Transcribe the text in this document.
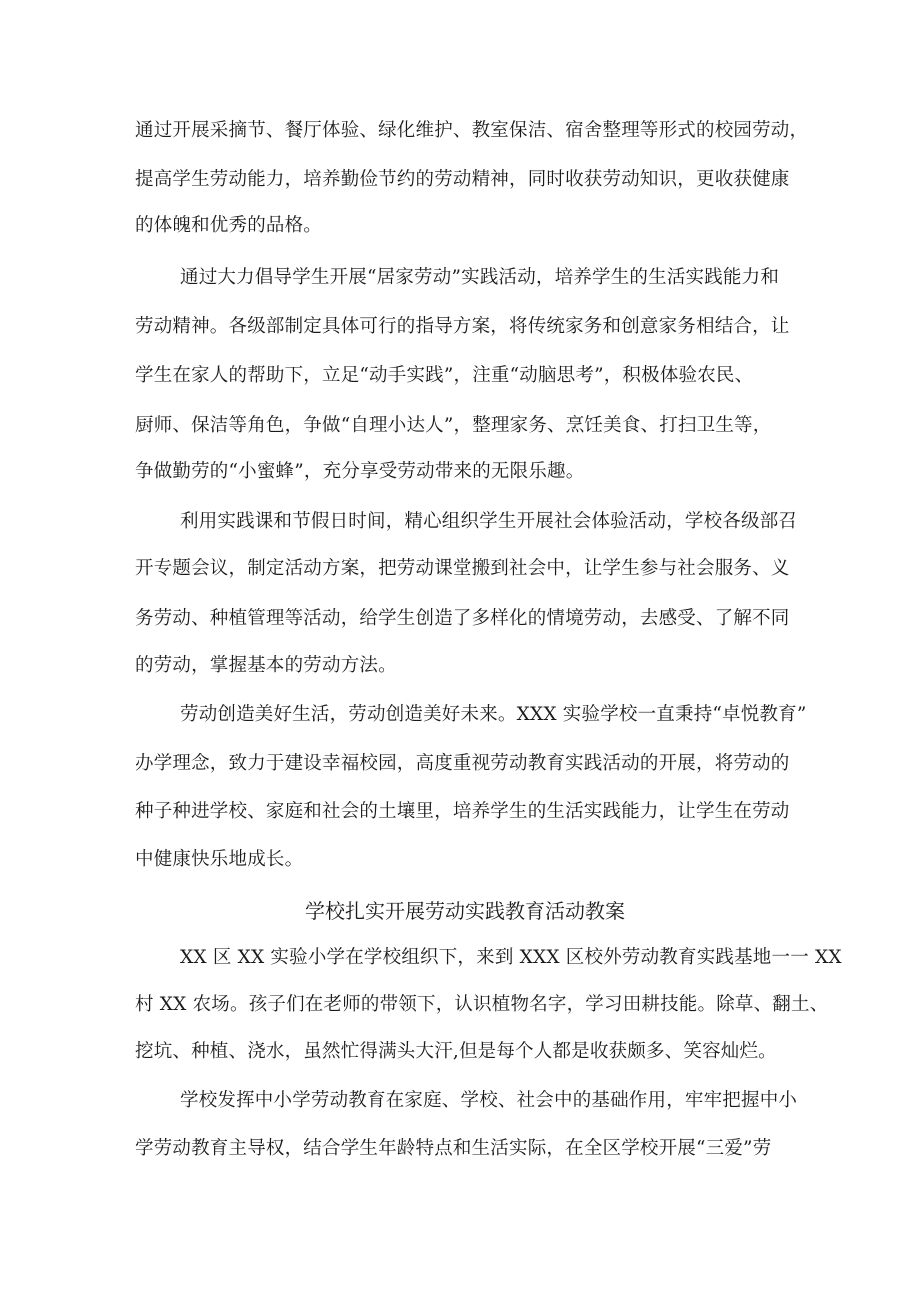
通过开展采摘节、餐厅体验、绿化维护、教室保洁、宿舍整理等形式的校园劳动，
提高学生劳动能力，培养勤俭节约的劳动精神，同时收获劳动知识，更收获健康
的体魄和优秀的品格。
通过大力倡导学生开展“居家劳动”实践活动，培养学生的生活实践能力和
劳动精神。各级部制定具体可行的指导方案，将传统家务和创意家务相结合，让
学生在家人的帮助下，立足“动手实践”，注重“动脑思考”，积极体验农民、
厨师、保洁等角色，争做“自理小达人”，整理家务、烹饪美食、打扫卫生等，
争做勤劳的“小蜜蜂”，充分享受劳动带来的无限乐趣。
利用实践课和节假日时间，精心组织学生开展社会体验活动，学校各级部召
开专题会议，制定活动方案，把劳动课堂搬到社会中，让学生参与社会服务、义
务劳动、种植管理等活动，给学生创造了多样化的情境劳动，去感受、了解不同
的劳动，掌握基本的劳动方法。
劳动创造美好生活，劳动创造美好未来。XXX 实验学校一直秉持“卓悦教育”
办学理念，致力于建设幸福校园，高度重视劳动教育实践活动的开展，将劳动的
种子种进学校、家庭和社会的土壤里，培养学生的生活实践能力，让学生在劳动
中健康快乐地成长。
学校扎实开展劳动实践教育活动教案
XX 区 XX 实验小学在学校组织下，来到 XXX 区校外劳动教育实践基地一一 XX
村 XX 农场。孩子们在老师的带领下，认识植物名字，学习田耕技能。除草、翻土、
挖坑、种植、浇水，虽然忙得满头大汗,但是每个人都是收获颇多、笑容灿烂。
学校发挥中小学劳动教育在家庭、学校、社会中的基础作用，牢牢把握中小
学劳动教育主导权，结合学生年龄特点和生活实际，在全区学校开展“三爱”劳
